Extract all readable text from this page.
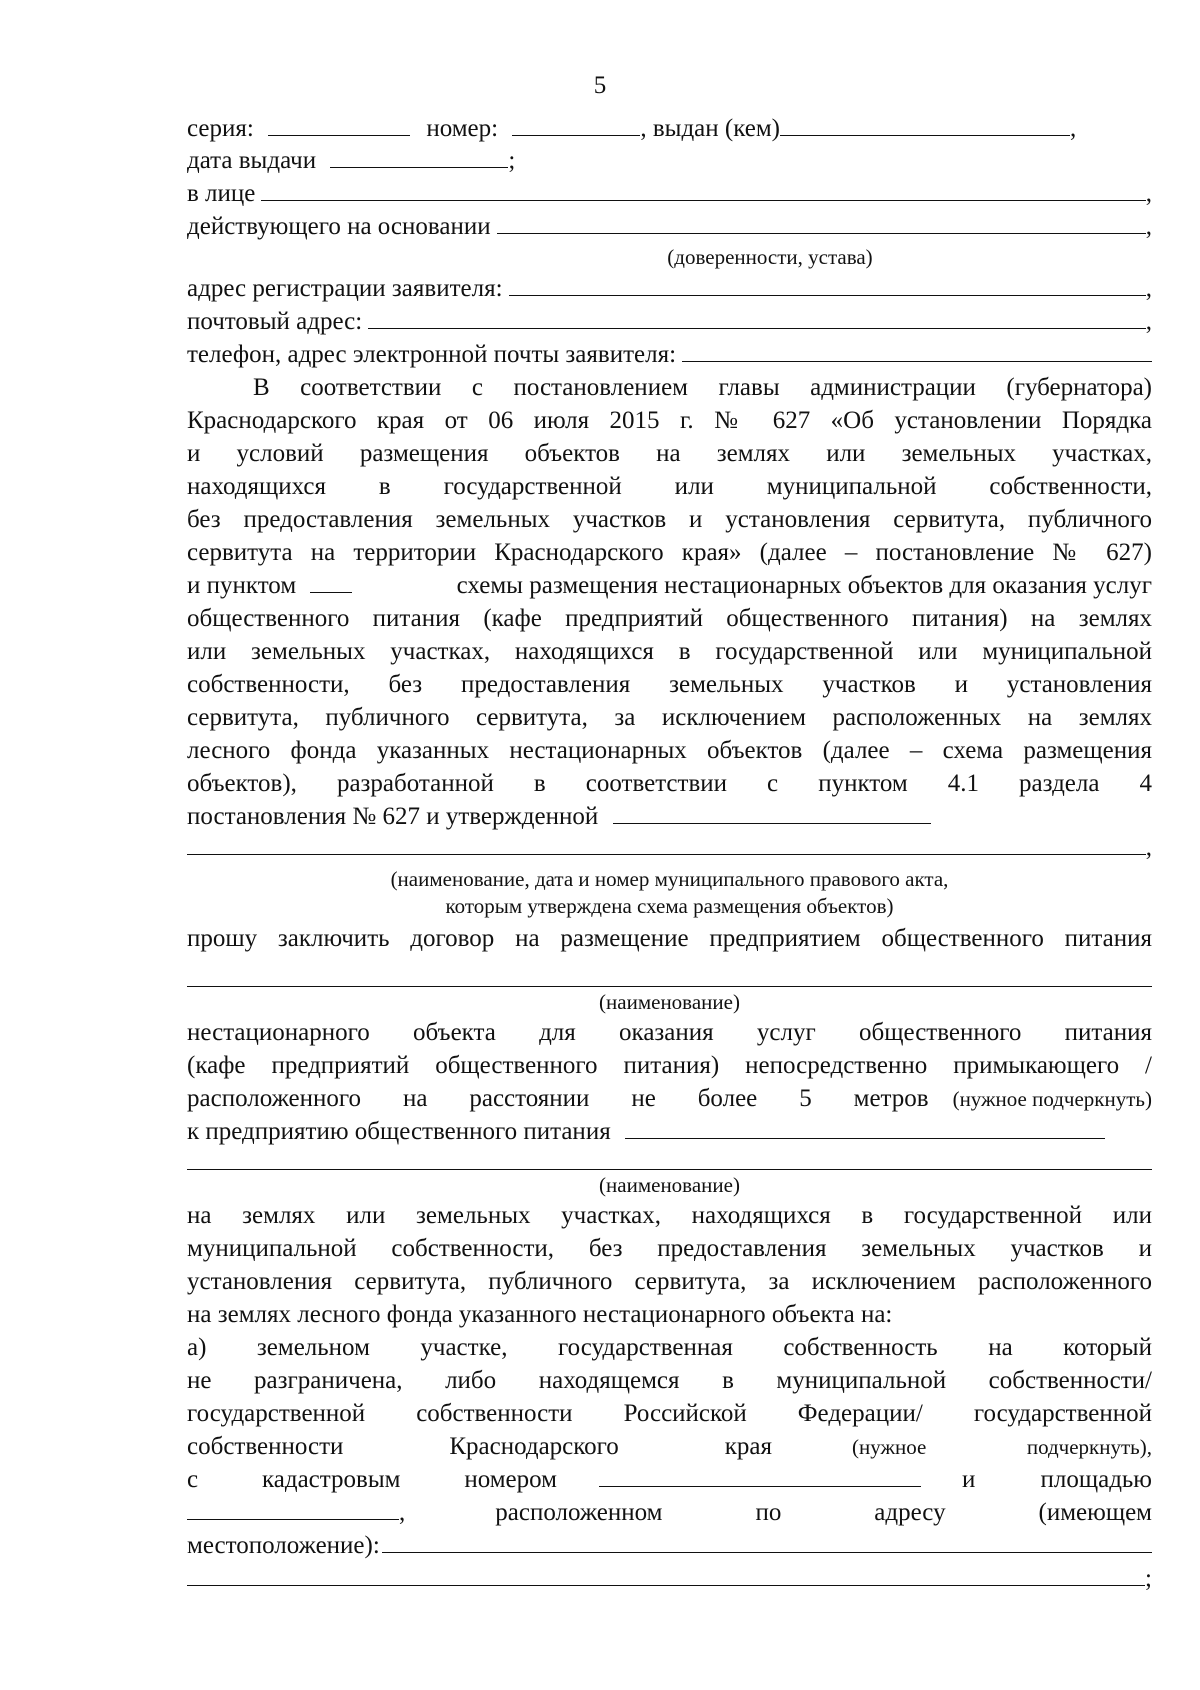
5
серия:	номер:	, выдан (кем)	,
дата выдачи	;
в лице	,
действующего на основании	,
(доверенности, устава)
адрес регистрации заявителя:	,
почтовый адрес:	,
телефон, адрес электронной почты заявителя:
В соответствии с постановлением главы администрации (губернатора)
Краснодарского края от 06 июля 2015 г. № 627 «Об установлении Порядка
и условий размещения объектов на землях или земельных участках,
находящихся в государственной или муниципальной собственности,
без предоставления земельных участков и установления сервитута, публичного
сервитута на территории Краснодарского края» (далее – постановление № 627)
и пунктом	схемы размещения нестационарных объектов для оказания услуг
общественного питания (кафе предприятий общественного питания) на землях
или земельных участках, находящихся в государственной или муниципальной
собственности, без предоставления земельных участков и установления
сервитута, публичного сервитута, за исключением расположенных на землях
лесного фонда указанных нестационарных объектов (далее – схема размещения
объектов), разработанной в соответствии с пунктом 4.1 раздела 4
постановления № 627 и утвержденной
,
(наименование, дата и номер муниципального правового акта,
которым утверждена схема размещения объектов)
прошу заключить договор на размещение предприятием общественного питания
(наименование)
нестационарного объекта для оказания услуг общественного питания
(кафе предприятий общественного питания) непосредственно примыкающего /
расположенного на расстоянии не более 5 метров (нужное подчеркнуть)
к предприятию общественного питания
(наименование)
на землях или земельных участках, находящихся в государственной или
муниципальной собственности, без предоставления земельных участков и
установления сервитута, публичного сервитута, за исключением расположенного
на землях лесного фонда указанного нестационарного объекта на:
а) земельном участке, государственная собственность на который
не разграничена, либо находящемся в муниципальной собственности/
государственной собственности Российской Федерации/ государственной
собственности Краснодарского края	(нужное подчеркнуть),
с кадастровым номером	и площадью
,	расположенном по адресу (имеющем
местоположение):
;
